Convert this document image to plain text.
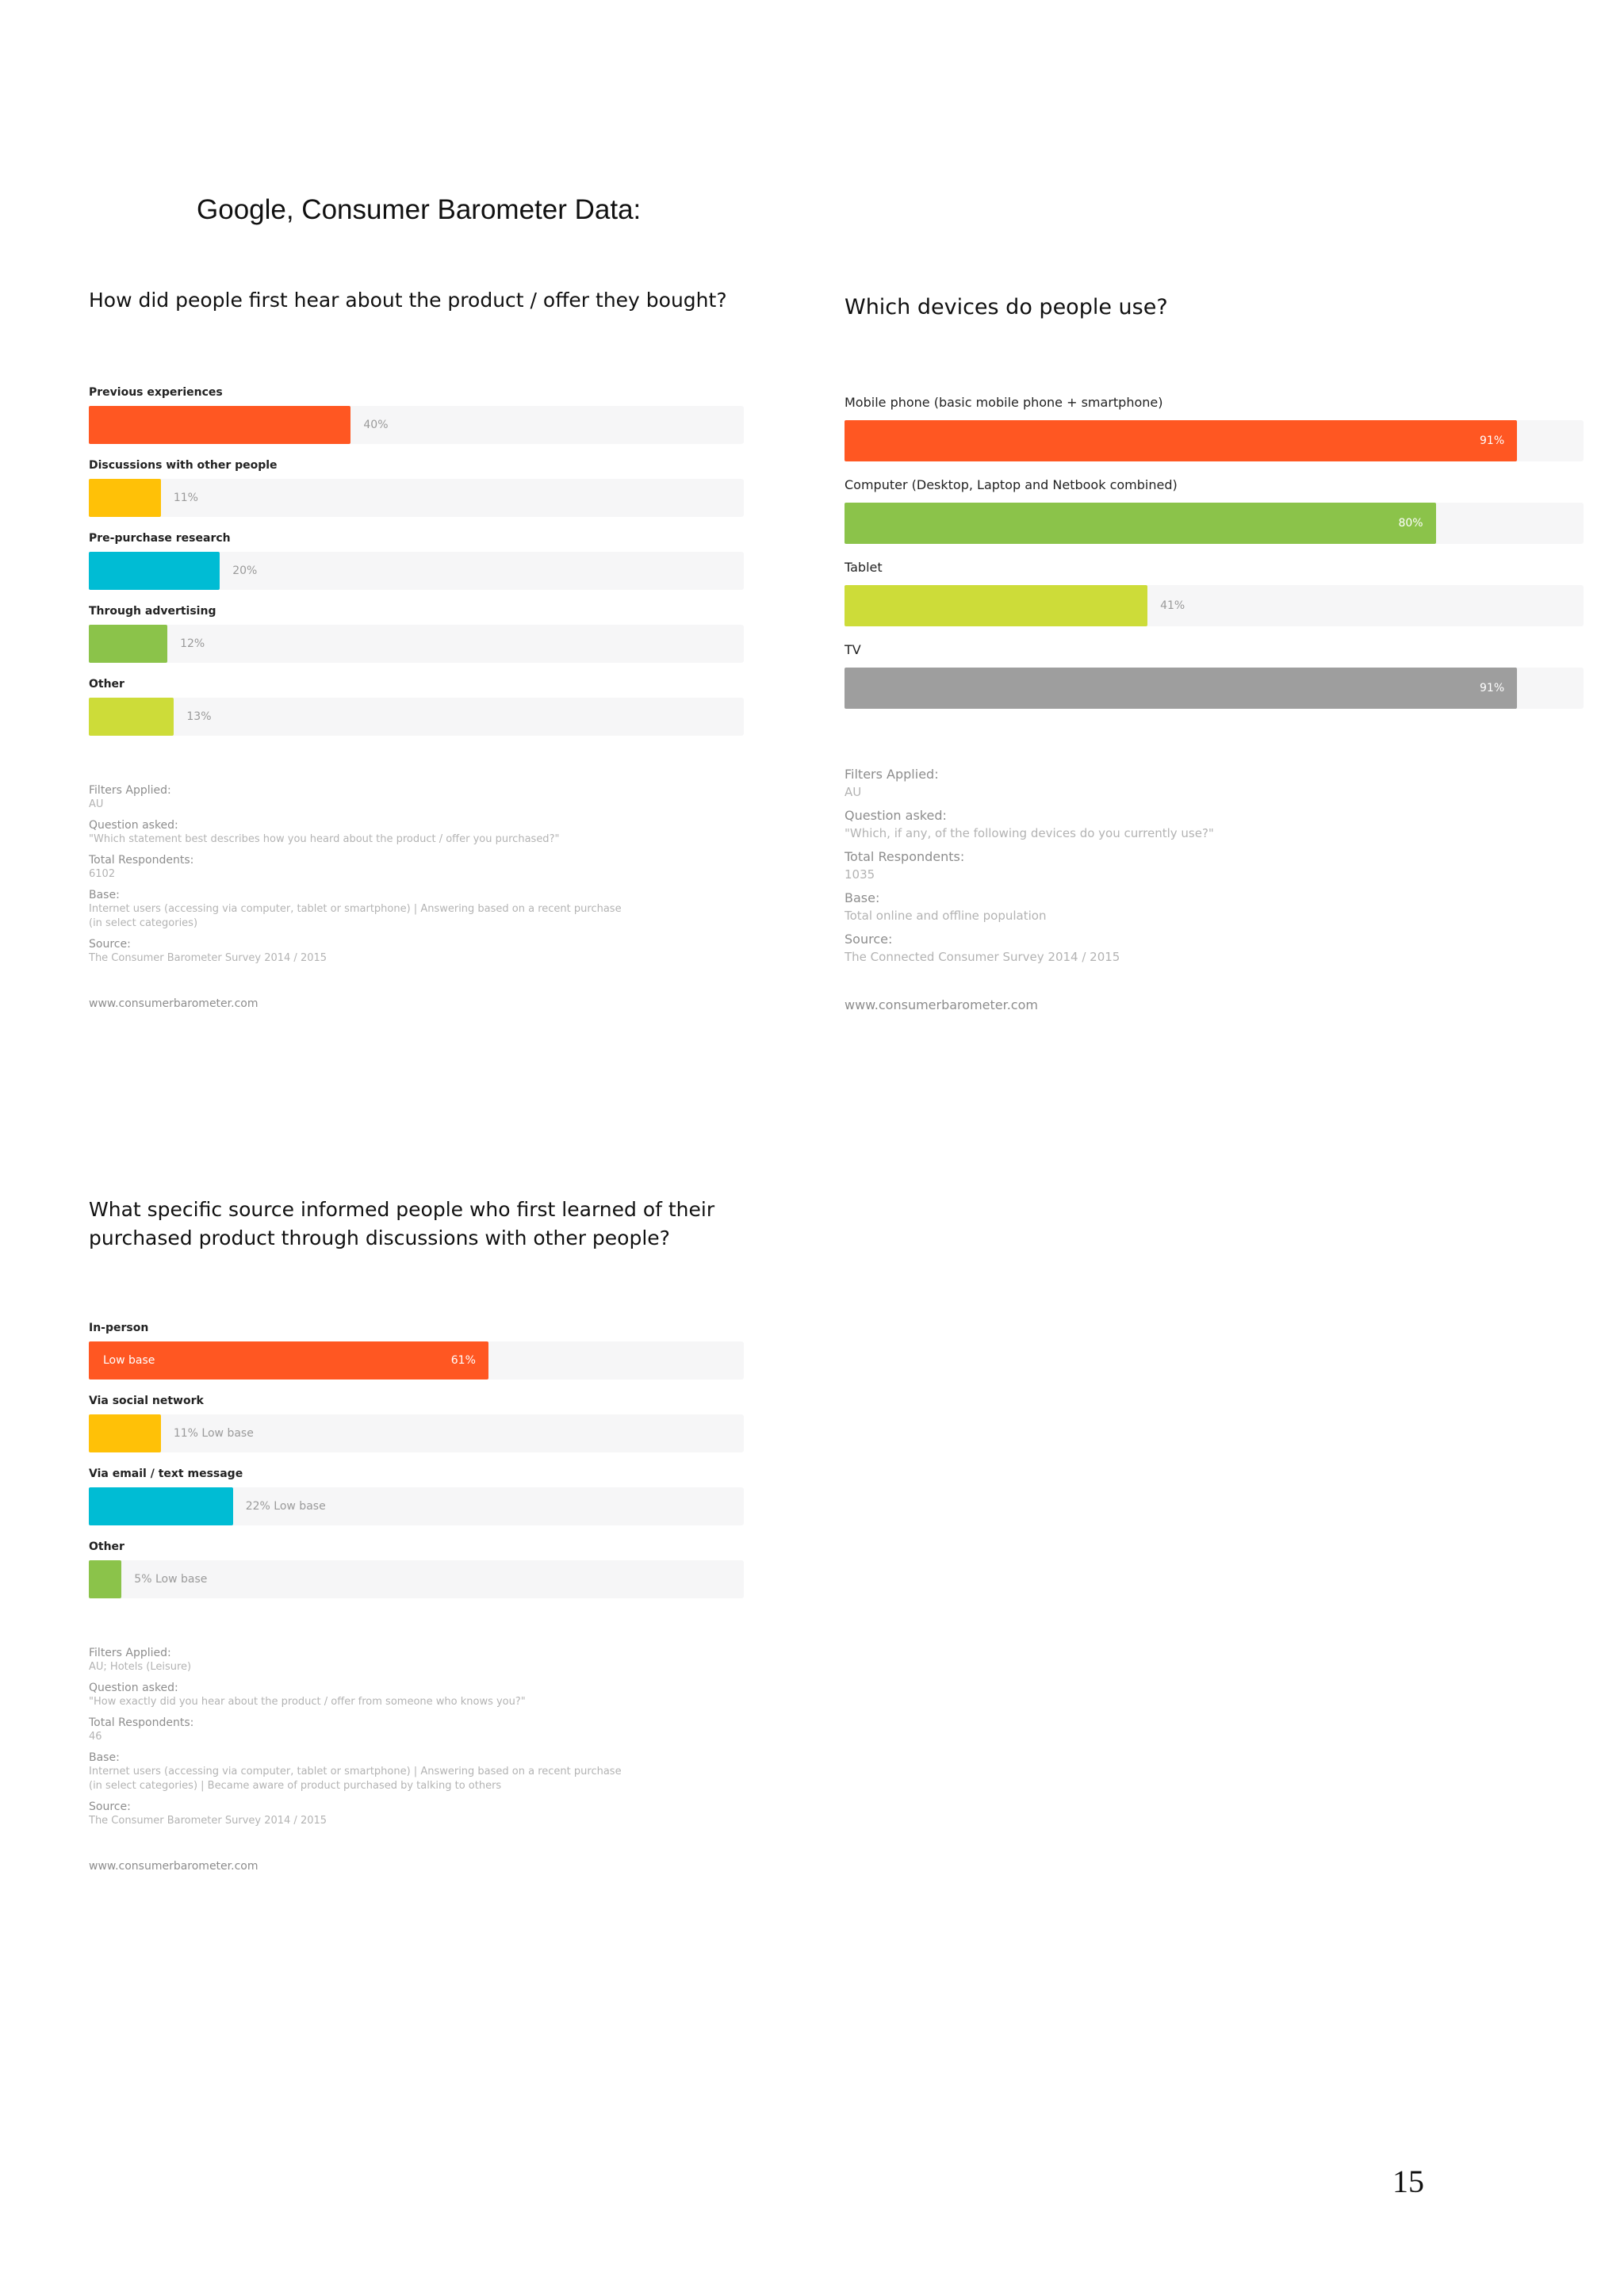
Google, Consumer Barometer Data:
How did people first hear about the product / offer they bought?
Previous experiences
40%
Discussions with other people
11%
Pre-purchase research
20%
Through advertising
12%
Other
13%
Filters Applied:
AU
Question asked:
"Which statement best describes how you heard about the product / offer you purchased?"
Total Respondents:
6102
Base:
Internet users (accessing via computer, tablet or smartphone) | Answering based on a recent purchase
(in select categories)
Source:
The Consumer Barometer Survey 2014 / 2015
www.consumerbarometer.com
Which devices do people use?
Mobile phone (basic mobile phone + smartphone)
91%
Computer (Desktop, Laptop and Netbook combined)
80%
Tablet
41%
TV
91%
Filters Applied:
AU
Question asked:
"Which, if any, of the following devices do you currently use?"
Total Respondents:
1035
Base:
Total online and offline population
Source:
The Connected Consumer Survey 2014 / 2015
www.consumerbarometer.com
What specific source informed people who first learned of their purchased product through discussions with other people?
In-person
Low base	61%
Via social network
11% Low base
Via email / text message
22% Low base
Other
5% Low base
Filters Applied:
AU; Hotels (Leisure)
Question asked:
"How exactly did you hear about the product / offer from someone who knows you?"
Total Respondents:
46
Base:
Internet users (accessing via computer, tablet or smartphone) | Answering based on a recent purchase
(in select categories) | Became aware of product purchased by talking to others
Source:
The Consumer Barometer Survey 2014 / 2015
www.consumerbarometer.com
15
